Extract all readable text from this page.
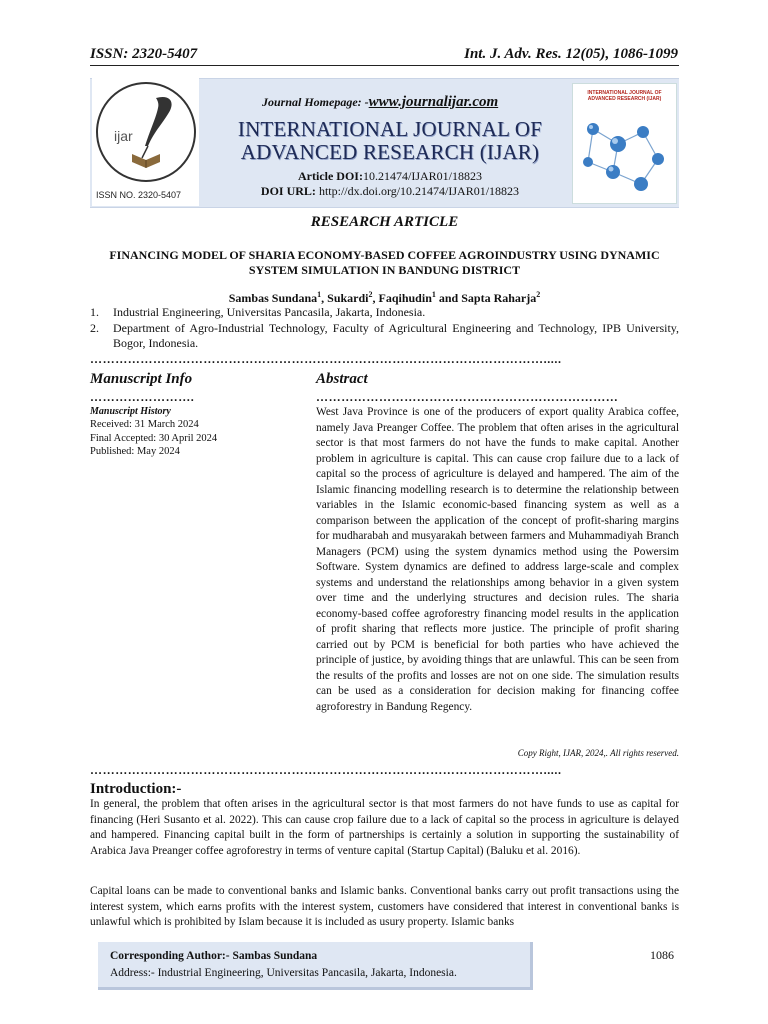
ISSN: 2320-5407	Int. J. Adv. Res. 12(05), 1086-1099
ijar
ISSN NO. 2320-5407
Journal Homepage: -www.journalijar.com
INTERNATIONAL JOURNAL OF
ADVANCED RESEARCH (IJAR)
Article DOI:10.21474/IJAR01/18823
DOI URL: http://dx.doi.org/10.21474/IJAR01/18823
INTERNATIONAL JOURNAL OF ADVANCED RESEARCH (IJAR)
RESEARCH ARTICLE
FINANCING MODEL OF SHARIA ECONOMY-BASED COFFEE AGROINDUSTRY USING DYNAMIC
SYSTEM SIMULATION IN BANDUNG DISTRICT
Sambas Sundana$^1$, Sukardi$^2$, Faqihudin$^1$ and Sapta Raharja$^2$
1. Industrial Engineering, Universitas Pancasila, Jakarta, Indonesia.
2. Department of Agro-Industrial Technology, Faculty of Agricultural Engineering and Technology, IPB University, Bogor, Indonesia.
……………………………………………………………………………………………….....
Manuscript Info
…………………….
Manuscript History
Received: 31 March 2024
Final Accepted: 30 April 2024
Published: May 2024
Abstract
………………………………………………………………
West Java Province is one of the producers of export quality Arabica coffee, namely Java Preanger Coffee. The problem that often arises in the agricultural sector is that most farmers do not have the funds to make capital. Another problem in agriculture is capital. This can cause crop failure due to a lack of capital so the process of agriculture is delayed and hampered. The aim of the Islamic financing modelling research is to determine the relationship between variables in the Islamic economic-based financing system as well as a comparison between the application of the concept of profit-sharing margins for mudharabah and musyarakah between farmers and Muhammadiyah Branch Managers (PCM) using the system dynamics method using the Powersim Software. System dynamics are defined to address large-scale and complex systems and understand the relationships among behavior in a given system over time and the underlying structures and decision rules. The sharia economy-based coffee agroforestry financing model results in the application of profit sharing that reflects more justice. The principle of profit sharing carried out by PCM is beneficial for both parties who have achieved the principle of justice, by avoiding things that are unlawful. This can be seen from the results of the profits and losses are not on one side. The simulation results can be used as a consideration for decision making for financing coffee agroforestry in Bandung Regency.
Copy Right, IJAR, 2024,. All rights reserved.
……………………………………………………………………………………………….....
Introduction:-
In general, the problem that often arises in the agricultural sector is that most farmers do not have funds to use as capital for financing (Heri Susanto et al. 2022). This can cause crop failure due to a lack of capital so the process in agriculture is delayed and hampered. Financing capital built in the form of partnerships is certainly a solution in supporting the sustainability of Arabica Java Preanger coffee agroforestry in terms of venture capital (Startup Capital) (Baluku et al. 2016).
Capital loans can be made to conventional banks and Islamic banks. Conventional banks carry out profit transactions using the interest system, which earns profits with the interest system, customers have considered that interest in conventional banks is unlawful which is prohibited by Islam because it is included as usury property. Islamic banks
Corresponding Author:- Sambas Sundana
Address:- Industrial Engineering, Universitas Pancasila, Jakarta, Indonesia.
1086
